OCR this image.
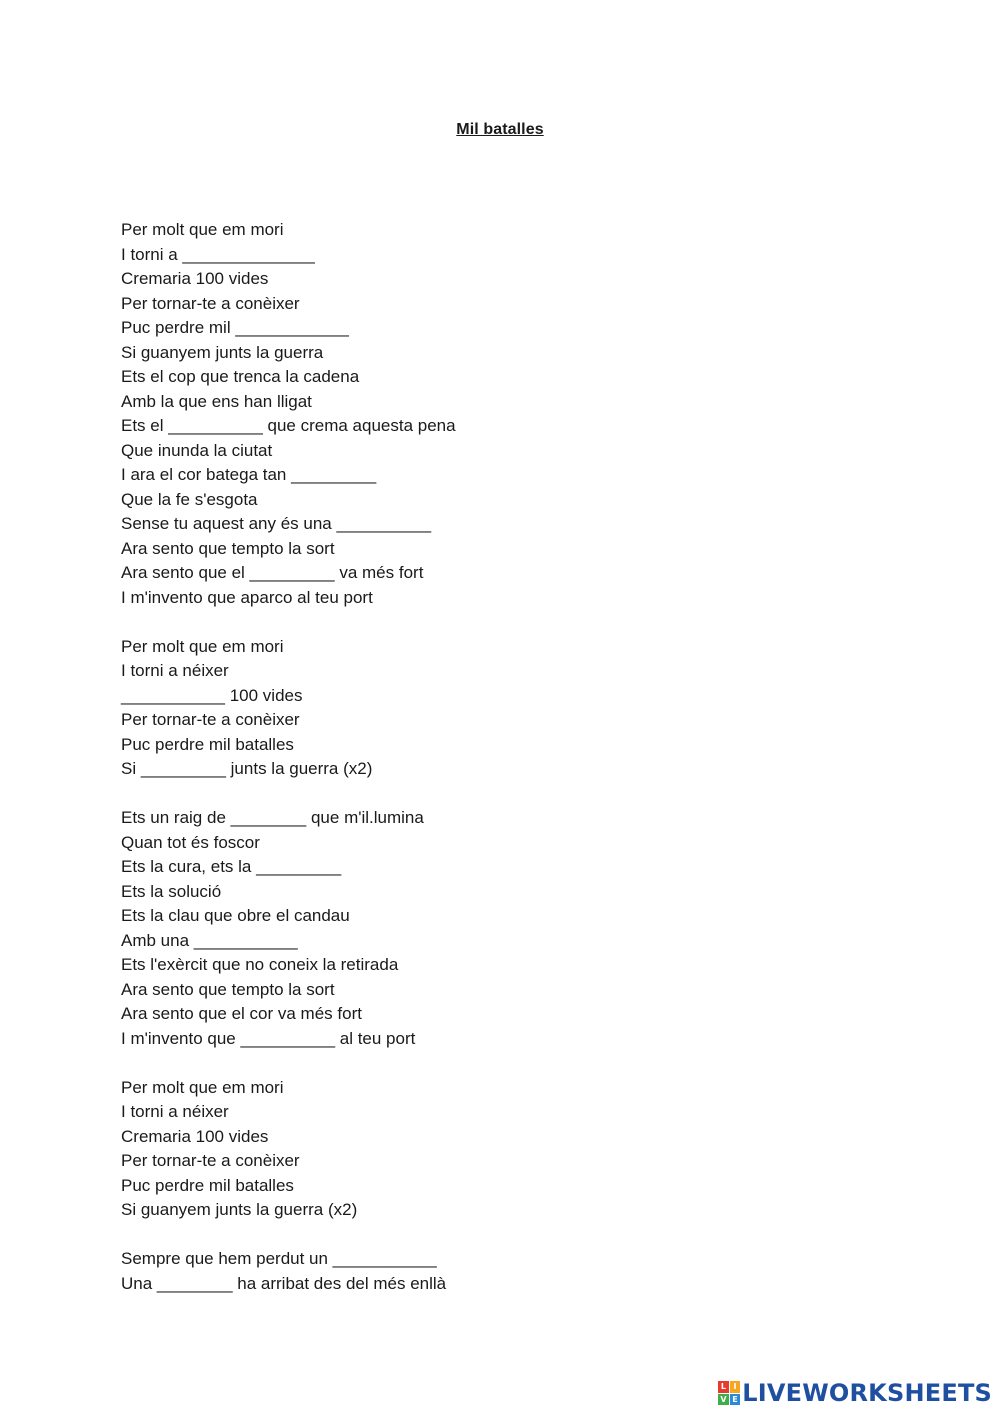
Mil batalles
Per molt que em mori
I torni a ______________
Cremaria 100 vides
Per tornar-te a conèixer
Puc perdre mil ____________
Si guanyem junts la guerra
Ets el cop que trenca la cadena
Amb la que ens han lligat
Ets el __________ que crema aquesta pena
Que inunda la ciutat
I ara el cor batega tan _________
Que la fe s'esgota
Sense tu aquest any és una __________
Ara sento que tempto la sort
Ara sento que el _________ va més fort
I m'invento que aparco al teu port
Per molt que em mori
I torni a néixer
___________ 100 vides
Per tornar-te a conèixer
Puc perdre mil batalles
Si _________ junts la guerra (x2)
Ets un raig de ________ que m'il.lumina
Quan tot és foscor
Ets la cura, ets la _________
Ets la solució
Ets la clau que obre el candau
Amb una ___________
Ets l'exèrcit que no coneix la retirada
Ara sento que tempto la sort
Ara sento que el cor va més fort
I m'invento que __________ al teu port
Per molt que em mori
I torni a néixer
Cremaria 100 vides
Per tornar-te a conèixer
Puc perdre mil batalles
Si guanyem junts la guerra (x2)
Sempre que hem perdut un ___________
Una ________ ha arribat des del més enllà
L I
V E LIVEWORKSHEETS
